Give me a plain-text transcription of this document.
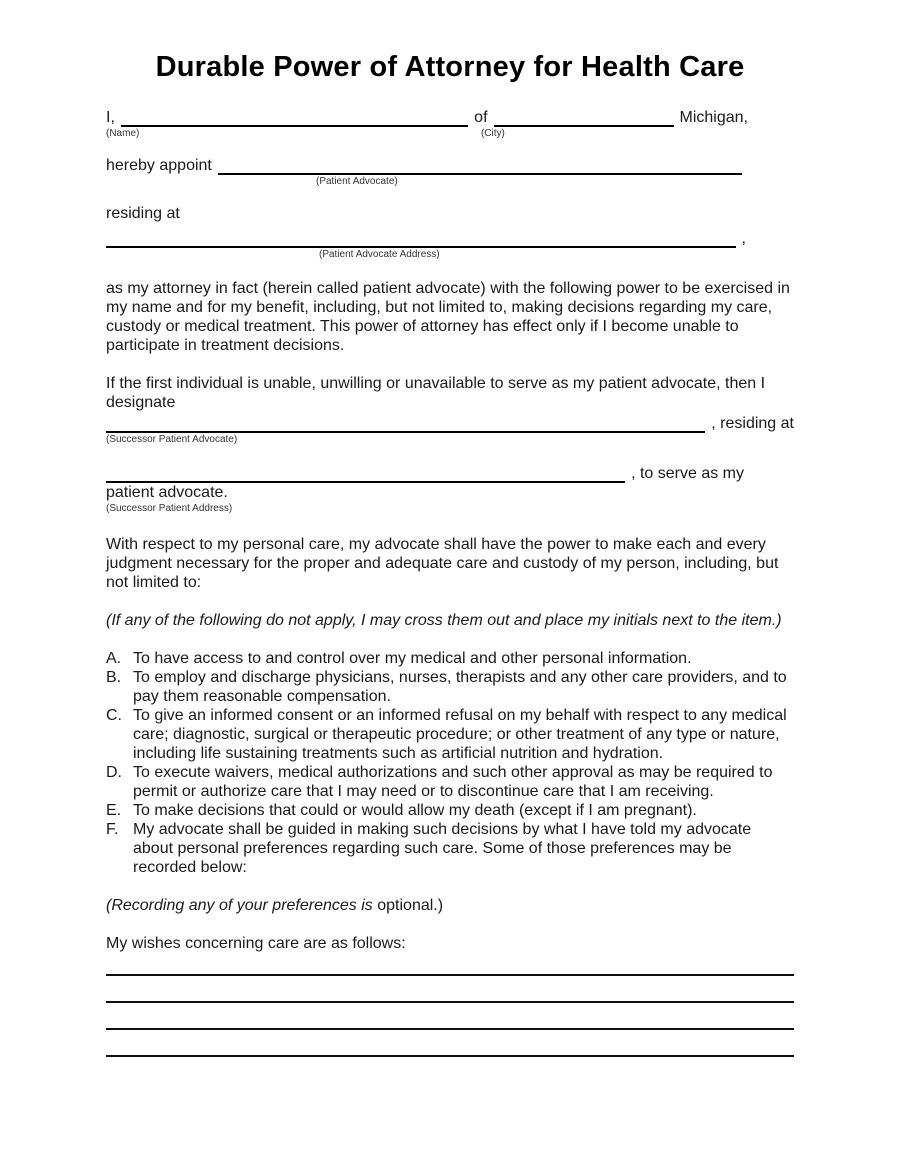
Durable Power of Attorney for Health Care
I,	of	Michigan,
(Name)	(City)
hereby appoint
(Patient Advocate)
residing at
,
(Patient Advocate Address)

as my attorney in fact (herein called patient advocate) with the following power to be exercised in my name and for my benefit, including, but not limited to, making decisions regarding my care, custody or medical treatment. This power of attorney has effect only if I become unable to participate in treatment decisions.

If the first individual is unable, unwilling or unavailable to serve as my patient advocate, then I designate

, residing at
(Successor Patient Advocate)
, to serve as my
patient advocate.
(Successor Patient Address)

With respect to my personal care, my advocate shall have the power to make each and every judgment necessary for the proper and adequate care and custody of my person, including, but not limited to:

(If any of the following do not apply, I may cross them out and place my initials next to the item.)

A. To have access to and control over my medical and other personal information.
B. To employ and discharge physicians, nurses, therapists and any other care providers, and to pay them reasonable compensation.
C. To give an informed consent or an informed refusal on my behalf with respect to any medical care; diagnostic, surgical or therapeutic procedure; or other treatment of any type or nature, including life sustaining treatments such as artificial nutrition and hydration.
D. To execute waivers, medical authorizations and such other approval as may be required to permit or authorize care that I may need or to discontinue care that I am receiving.
E. To make decisions that could or would allow my death (except if I am pregnant).
F. My advocate shall be guided in making such decisions by what I have told my advocate about personal preferences regarding such care. Some of those preferences may be recorded below:

(Recording any of your preferences is optional.)

My wishes concerning care are as follows:
